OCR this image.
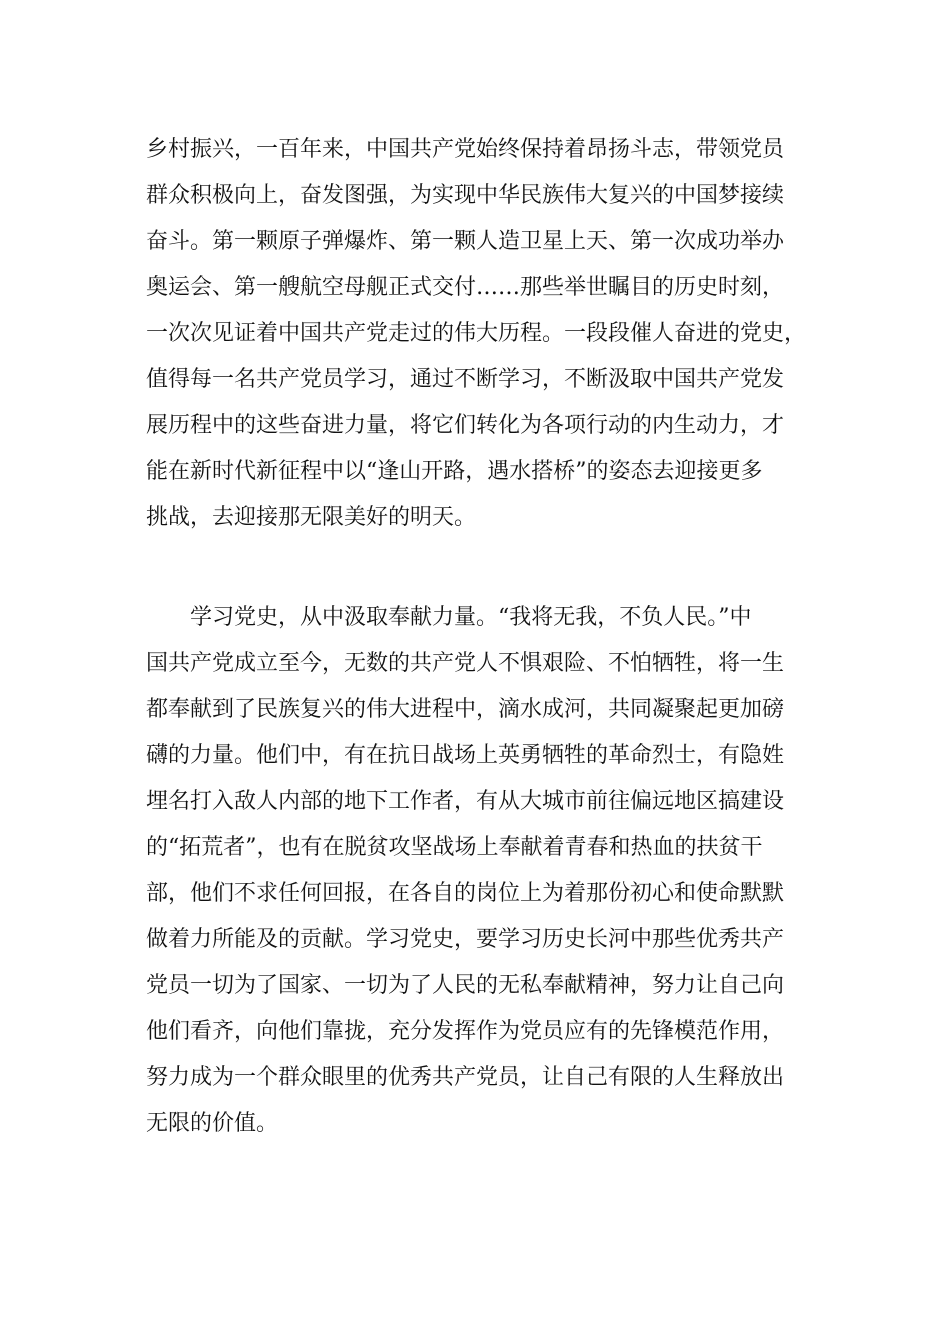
乡村振兴，一百年来，中国共产党始终保持着昂扬斗志，带领党员

群众积极向上，奋发图强，为实现中华民族伟大复兴的中国梦接续

奋斗。第一颗原子弹爆炸、第一颗人造卫星上天、第一次成功举办

奥运会、第一艘航空母舰正式交付……那些举世瞩目的历史时刻，

一次次见证着中国共产党走过的伟大历程。一段段催人奋进的党史，

值得每一名共产党员学习，通过不断学习，不断汲取中国共产党发

展历程中的这些奋进力量，将它们转化为各项行动的内生动力，才

能在新时代新征程中以“逢山开路，遇水搭桥”的姿态去迎接更多

挑战，去迎接那无限美好的明天。

学习党史，从中汲取奉献力量。“我将无我，不负人民。”中

国共产党成立至今，无数的共产党人不惧艰险、不怕牺牲，将一生

都奉献到了民族复兴的伟大进程中，滴水成河，共同凝聚起更加磅

礴的力量。他们中，有在抗日战场上英勇牺牲的革命烈士，有隐姓

埋名打入敌人内部的地下工作者，有从大城市前往偏远地区搞建设

的“拓荒者”，也有在脱贫攻坚战场上奉献着青春和热血的扶贫干

部，他们不求任何回报，在各自的岗位上为着那份初心和使命默默

做着力所能及的贡献。学习党史，要学习历史长河中那些优秀共产

党员一切为了国家、一切为了人民的无私奉献精神，努力让自己向

他们看齐，向他们靠拢，充分发挥作为党员应有的先锋模范作用，

努力成为一个群众眼里的优秀共产党员，让自己有限的人生释放出

无限的价值。
